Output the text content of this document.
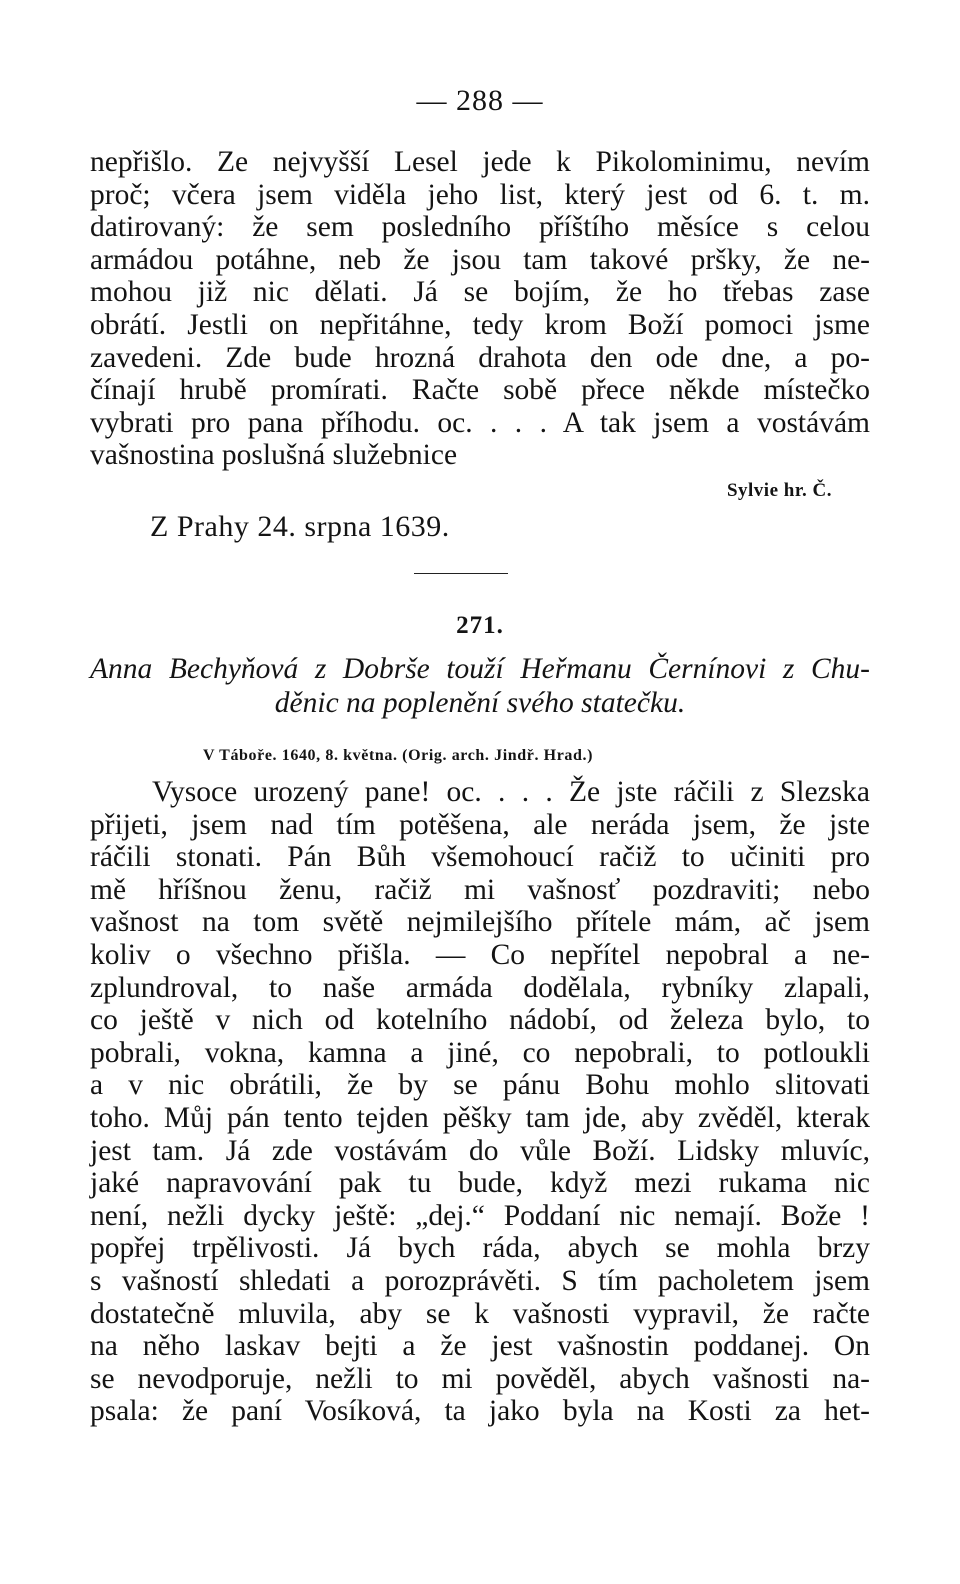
— 288 —
nepřišlo. Ze nejvyšší Lesel jede k Pikolominimu, nevím
proč; včera jsem viděla jeho list, který jest od 6. t. m.
datirovaný: že sem posledního příštího měsíce s celou
armádou potáhne, neb že jsou tam takové pršky, že ne-
mohou již nic dělati. Já se bojím, že ho třebas zase
obrátí. Jestli on nepřitáhne, tedy krom Boží pomoci jsme
zavedeni. Zde bude hrozná drahota den ode dne, a po-
čínají hrubě promírati. Račte sobě přece někde místečko
vybrati pro pana příhodu. oc. . . . A tak jsem a vostávám
vašnostina poslušná služebnice
Sylvie hr. Č.
Z Prahy 24. srpna 1639.
271.
Anna Bechyňová z Dobrše touží Heřmanu Černínovi z Chu-
děnic na poplenění svého statečku.
V Táboře. 1640, 8. května. (Orig. arch. Jindř. Hrad.)
Vysoce urozený pane! oc. . . . Že jste ráčili z Slezska
přijeti, jsem nad tím potěšena, ale neráda jsem, že jste
ráčili stonati. Pán Bůh všemohoucí račiž to učiniti pro
mě hříšnou ženu, račiž mi vašnosť pozdraviti; nebo
vašnost na tom světě nejmilejšího přítele mám, ač jsem
koliv o všechno přišla. — Co nepřítel nepobral a ne-
zplundroval, to naše armáda dodělala, rybníky zlapali,
co ještě v nich od kotelního nádobí, od železa bylo, to
pobrali, vokna, kamna a jiné, co nepobrali, to potloukli
a v nic obrátili, že by se pánu Bohu mohlo slitovati
toho. Můj pán tento tejden pěšky tam jde, aby zvěděl, kterak
jest tam. Já zde vostávám do vůle Boží. Lidsky mluvíc,
jaké napravování pak tu bude, když mezi rukama nic
není, nežli dycky ještě: „dej.“ Poddaní nic nemají. Bože !
popřej trpělivosti. Já bych ráda, abych se mohla brzy
s vašností shledati a porozprávěti. S tím pacholetem jsem
dostatečně mluvila, aby se k vašnosti vypravil, že račte
na něho laskav bejti a že jest vašnostin poddanej. On
se nevodporuje, nežli to mi pověděl, abych vašnosti na-
psala: že paní Vosíková, ta jako byla na Kosti za het-
